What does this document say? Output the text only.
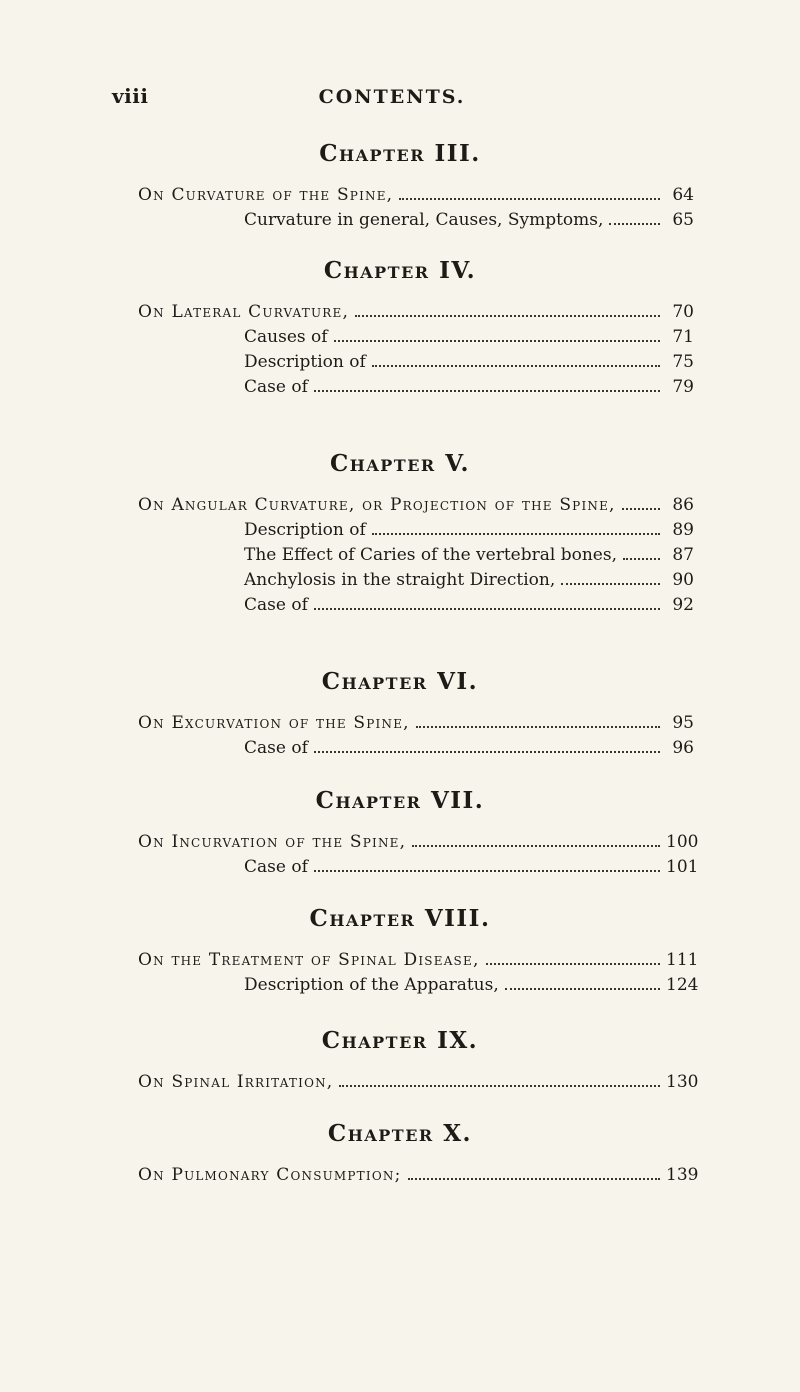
viii	CONTENTS.
Chapter III.
On Curvature of the Spine,	64
Curvature in general, Causes, Symptoms,	65
Chapter IV.
On Lateral Curvature,	70
Causes of	71
Description of	75
Case of	79
Chapter V.
On Angular Curvature, or Projection of the Spine,	86
Description of	89
The Effect of Caries of the vertebral bones,	87
Anchylosis in the straight Direction,	90
Case of	92
Chapter VI.
On Excurvation of the Spine,	95
Case of	96
Chapter VII.
On Incurvation of the Spine,	100
Case of	101
Chapter VIII.
On the Treatment of Spinal Disease,	111
Description of the Apparatus,	124
Chapter IX.
On Spinal Irritation,	130
Chapter X.
On Pulmonary Consumption;	139
